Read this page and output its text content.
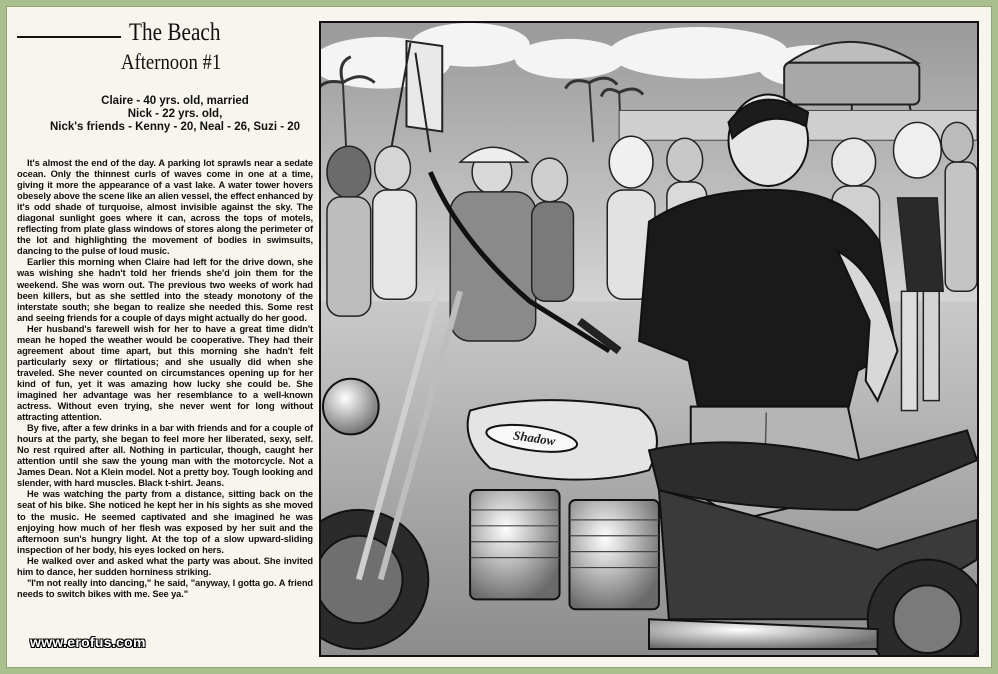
The Beach
Afternoon #1
Claire - 40 yrs. old, married
Nick - 22 yrs. old,
Nick's friends - Kenny - 20, Neal - 26, Suzi - 20

It's almost the end of the day. A parking lot sprawls near a sedate ocean. Only the thinnest curls of waves come in one at a time, giving it more the appearance of a vast lake. A water tower hovers obesely above the scene like an alien vessel, the effect enhanced by it's odd shade of turquoise, almost invisible against the sky. The diagonal sunlight goes where it can, across the tops of motels, reflecting from plate glass windows of stores along the perimeter of the lot and highlighting the movement of bodies in swimsuits, dancing to the pulse of loud music.

Earlier this morning when Claire had left for the drive down, she was wishing she hadn't told her friends she'd join them for the weekend. She was worn out. The previous two weeks of work had been killers, but as she settled into the steady monotony of the interstate south; she began to realize she needed this. Some rest and seeing friends for a couple of days might actually do her good.

Her husband's farewell wish for her to have a great time didn't mean he hoped the weather would be cooperative. They had their agreement about time apart, but this morning she hadn't felt particularly sexy or flirtatious; and she usually did when she traveled. She never counted on circumstances opening up for her kind of fun, yet it was amazing how lucky she could be. She imagined her advantage was her resemblance to a well-known actress. Without even trying, she never went for long without attracting attention.

By five, after a few drinks in a bar with friends and for a couple of hours at the party, she began to feel more her liberated, sexy, self. No rest rquired after all. Nothing in particular, though, caught her attention until she saw the young man with the motorcycle. Not a James Dean. Not a Klein model. Not a pretty boy. Tough looking and slender, with hard muscles. Black t-shirt. Jeans.

He was watching the party from a distance, sitting back on the seat of his bike. She noticed he kept her in his sights as she moved to the music. He seemed captivated and she imagined he was enjoying how much of her flesh was exposed by her suit and the afternoon sun's hungry light. At the top of a slow upward-sliding inspection of her body, his eyes locked on hers.

He walked over and asked what the party was about. She invited him to dance, her sudden horniness striking.

"I'm not really into dancing," he said, "anyway, I gotta go. A friend needs to switch bikes with me. See ya."

Shadow
www.erofus.com
